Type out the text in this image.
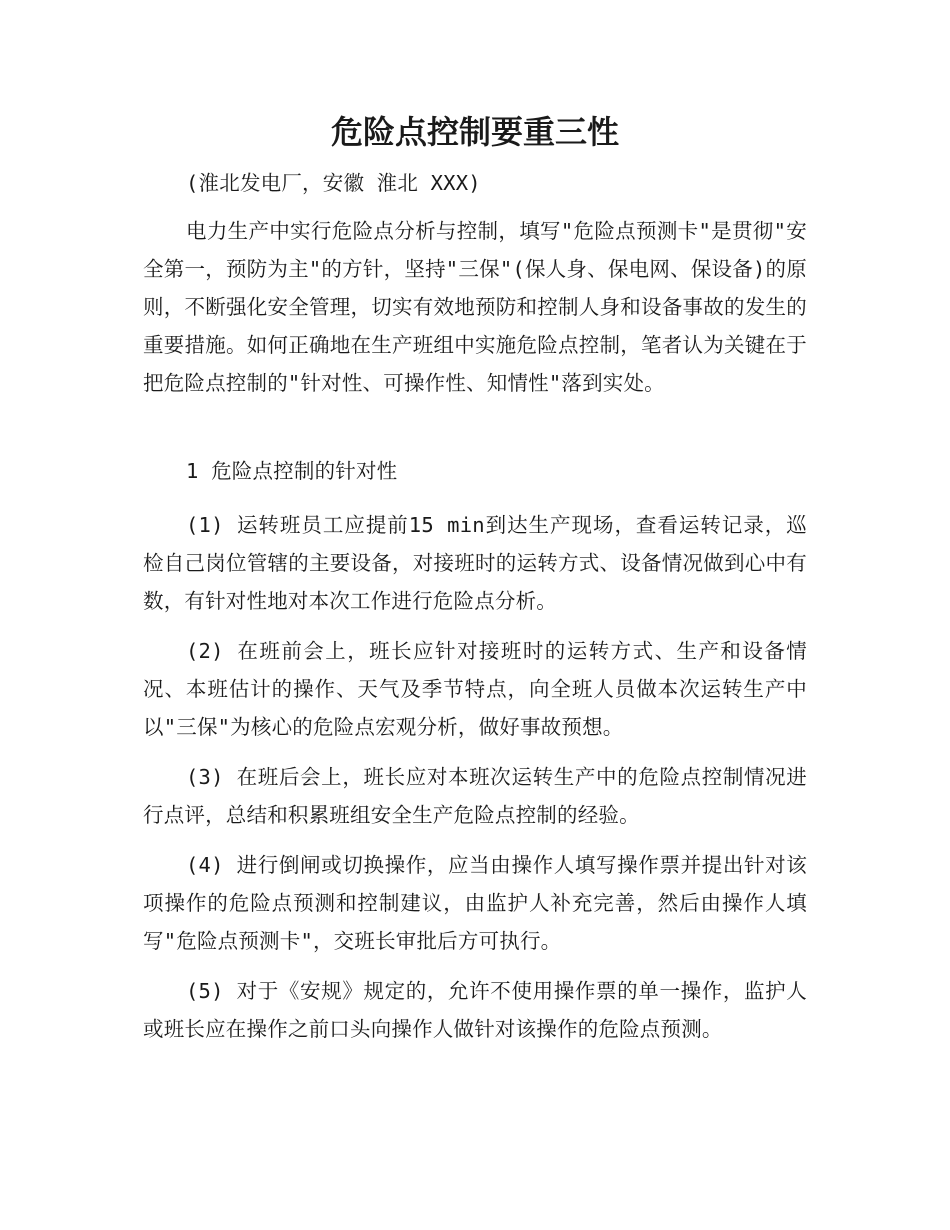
危险点控制要重三性

(淮北发电厂，安徽 淮北 XXX)

电力生产中实行危险点分析与控制，填写"危险点预测卡"是贯彻"安全第一，预防为主"的方针，坚持"三保"(保人身、保电网、保设备)的原则，不断强化安全管理，切实有效地预防和控制人身和设备事故的发生的重要措施。如何正确地在生产班组中实施危险点控制，笔者认为关键在于把危险点控制的"针对性、可操作性、知情性"落到实处。

1 危险点控制的针对性

(1) 运转班员工应提前15 min到达生产现场，查看运转记录，巡检自己岗位管辖的主要设备，对接班时的运转方式、设备情况做到心中有数，有针对性地对本次工作进行危险点分析。

(2) 在班前会上，班长应针对接班时的运转方式、生产和设备情况、本班估计的操作、天气及季节特点，向全班人员做本次运转生产中以"三保"为核心的危险点宏观分析，做好事故预想。

(3) 在班后会上，班长应对本班次运转生产中的危险点控制情况进行点评，总结和积累班组安全生产危险点控制的经验。

(4) 进行倒闸或切换操作，应当由操作人填写操作票并提出针对该项操作的危险点预测和控制建议，由监护人补充完善，然后由操作人填写"危险点预测卡"，交班长审批后方可执行。

(5) 对于《安规》规定的，允许不使用操作票的单一操作，监护人或班长应在操作之前口头向操作人做针对该操作的危险点预测。
